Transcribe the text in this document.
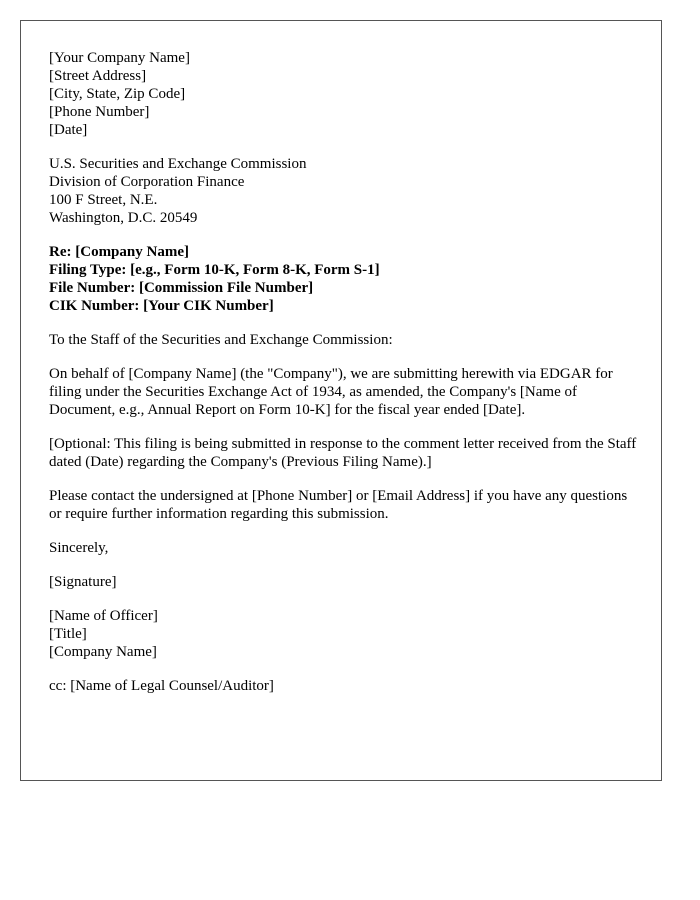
[Your Company Name]
[Street Address]
[City, State, Zip Code]
[Phone Number]
[Date]
U.S. Securities and Exchange Commission
Division of Corporation Finance
100 F Street, N.E.
Washington, D.C. 20549
Re: [Company Name]
Filing Type: [e.g., Form 10-K, Form 8-K, Form S-1]
File Number: [Commission File Number]
CIK Number: [Your CIK Number]

To the Staff of the Securities and Exchange Commission:

On behalf of [Company Name] (the "Company"), we are submitting herewith via EDGAR for filing under the Securities Exchange Act of 1934, as amended, the Company's [Name of Document, e.g., Annual Report on Form 10-K] for the fiscal year ended [Date].

[Optional: This filing is being submitted in response to the comment letter received from the Staff dated (Date) regarding the Company's (Previous Filing Name).]

Please contact the undersigned at [Phone Number] or [Email Address] if you have any questions or require further information regarding this submission.

Sincerely,

[Signature]

[Name of Officer]
[Title]
[Company Name]

cc: [Name of Legal Counsel/Auditor]
